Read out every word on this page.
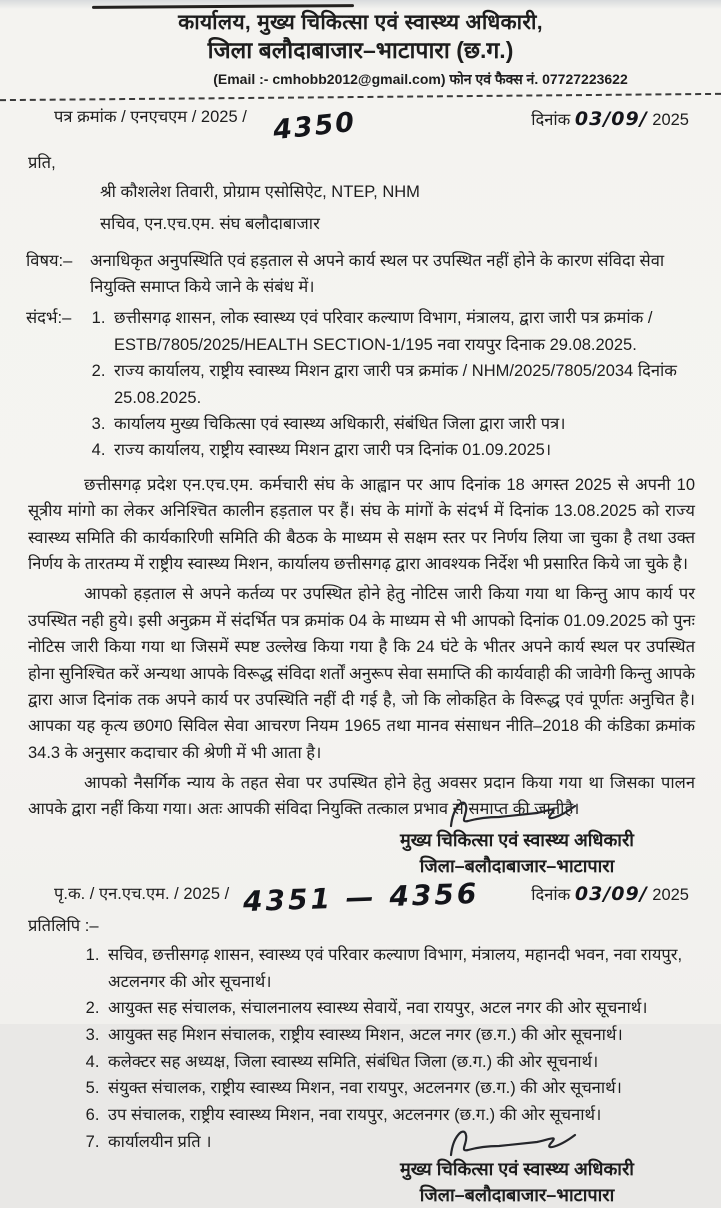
कार्यालय, मुख्य चिकित्सा एवं स्वास्थ्य अधिकारी,
जिला बलौदाबाजार–भाटापारा (छ.ग.)
(Email :- cmhobb2012@gmail.com) फोन एवं फैक्स नं. 07727223622
पत्र क्रमांक / एनएचएम / 2025 / 4350	दिनांक 03/09/ 2025
प्रति,
श्री कौशलेश तिवारी, प्रोग्राम एसोसिऐट, NTEP, NHM
सचिव, एन.एच.एम. संघ बलौदाबाजार
विषय:–	अनाधिकृत अनुपस्थिति एवं हड़ताल से अपने कार्य स्थल पर उपस्थित नहीं होने के कारण संविदा सेवा नियुक्ति समाप्त किये जाने के संबंध में।
संदर्भ:–	1. छत्तीसगढ़ शासन, लोक स्वास्थ्य एवं परिवार कल्याण विभाग, मंत्रालय, द्वारा जारी पत्र क्रमांक / ESTB/7805/2025/HEALTH SECTION-1/195 नवा रायपुर दिनाक 29.08.2025.
2. राज्य कार्यालय, राष्ट्रीय स्वास्थ्य मिशन द्वारा जारी पत्र क्रमांक / NHM/2025/7805/2034 दिनांक 25.08.2025.
3. कार्यालय मुख्य चिकित्सा एवं स्वास्थ्य अधिकारी, संबंधित जिला द्वारा जारी पत्र।
4. राज्य कार्यालय, राष्ट्रीय स्वास्थ्य मिशन द्वारा जारी पत्र दिनांक 01.09.2025।

छत्तीसगढ़ प्रदेश एन.एच.एम. कर्मचारी संघ के आह्वान पर आप दिनांक 18 अगस्त 2025 से अपनी 10 सूत्रीय मांगो का लेकर अनिश्चित कालीन हड़ताल पर हैं। संघ के मांगों के संदर्भ में दिनांक 13.08.2025 को राज्य स्वास्थ्य समिति की कार्यकारिणी समिति की बैठक के माध्यम से सक्षम स्तर पर निर्णय लिया जा चुका है तथा उक्त निर्णय के तारतम्य में राष्ट्रीय स्वास्थ्य मिशन, कार्यालय छत्तीसगढ़ द्वारा आवश्यक निर्देश भी प्रसारित किये जा चुके है।

आपको हड़ताल से अपने कर्तव्य पर उपस्थित होने हेतु नोटिस जारी किया गया था किन्तु आप कार्य पर उपस्थित नही हुये। इसी अनुक्रम में संदर्भित पत्र क्रमांक 04 के माध्यम से भी आपको दिनांक 01.09.2025 को पुनः नोटिस जारी किया गया था जिसमें स्पष्ट उल्लेख किया गया है कि 24 घंटे के भीतर अपने कार्य स्थल पर उपस्थित होना सुनिश्चित करें अन्यथा आपके विरूद्ध संविदा शर्तों अनुरूप सेवा समाप्ति की कार्यवाही की जावेगी किन्तु आपके द्वारा आज दिनांक तक अपने कार्य पर उपस्थिति नहीं दी गई है, जो कि लोकहित के विरूद्ध एवं पूर्णतः अनुचित है। आपका यह कृत्य छ0ग0 सिविल सेवा आचरण नियम 1965 तथा मानव संसाधन नीति–2018 की कंडिका क्रमांक 34.3 के अनुसार कदाचार की श्रेणी में भी आता है।

आपको नैसर्गिक न्याय के तहत सेवा पर उपस्थित होने हेतु अवसर प्रदान किया गया था जिसका पालन आपके द्वारा नहीं किया गया। अतः आपकी संविदा नियुक्ति तत्काल प्रभाव से समाप्त की जातीहै।

मुख्य चिकित्सा एवं स्वास्थ्य अधिकारी
जिला–बलौदाबाजार–भाटापारा
पृ.क. / एन.एच.एम. / 2025 / 4351 — 4356	दिनांक 03/09/ 2025
प्रतिलिपि :–
1. सचिव, छत्तीसगढ़ शासन, स्वास्थ्य एवं परिवार कल्याण विभाग, मंत्रालय, महानदी भवन, नवा रायपुर, अटलनगर की ओर सूचनार्थ।
2. आयुक्त सह संचालक, संचालनालय स्वास्थ्य सेवायें, नवा रायपुर, अटल नगर की ओर सूचनार्थ।
3. आयुक्त सह मिशन संचालक, राष्ट्रीय स्वास्थ्य मिशन, अटल नगर (छ.ग.) की ओर सूचनार्थ।
4. कलेक्टर सह अध्यक्ष, जिला स्वास्थ्य समिति, संबंधित जिला (छ.ग.) की ओर सूचनार्थ।
5. संयुक्त संचालक, राष्ट्रीय स्वास्थ्य मिशन, नवा रायपुर, अटलनगर (छ.ग.) की ओर सूचनार्थ।
6. उप संचालक, राष्ट्रीय स्वास्थ्य मिशन, नवा रायपुर, अटलनगर (छ.ग.) की ओर सूचनार्थ।
7. कार्यालयीन प्रति ।
मुख्य चिकित्सा एवं स्वास्थ्य अधिकारी
जिला–बलौदाबाजार–भाटापारा
